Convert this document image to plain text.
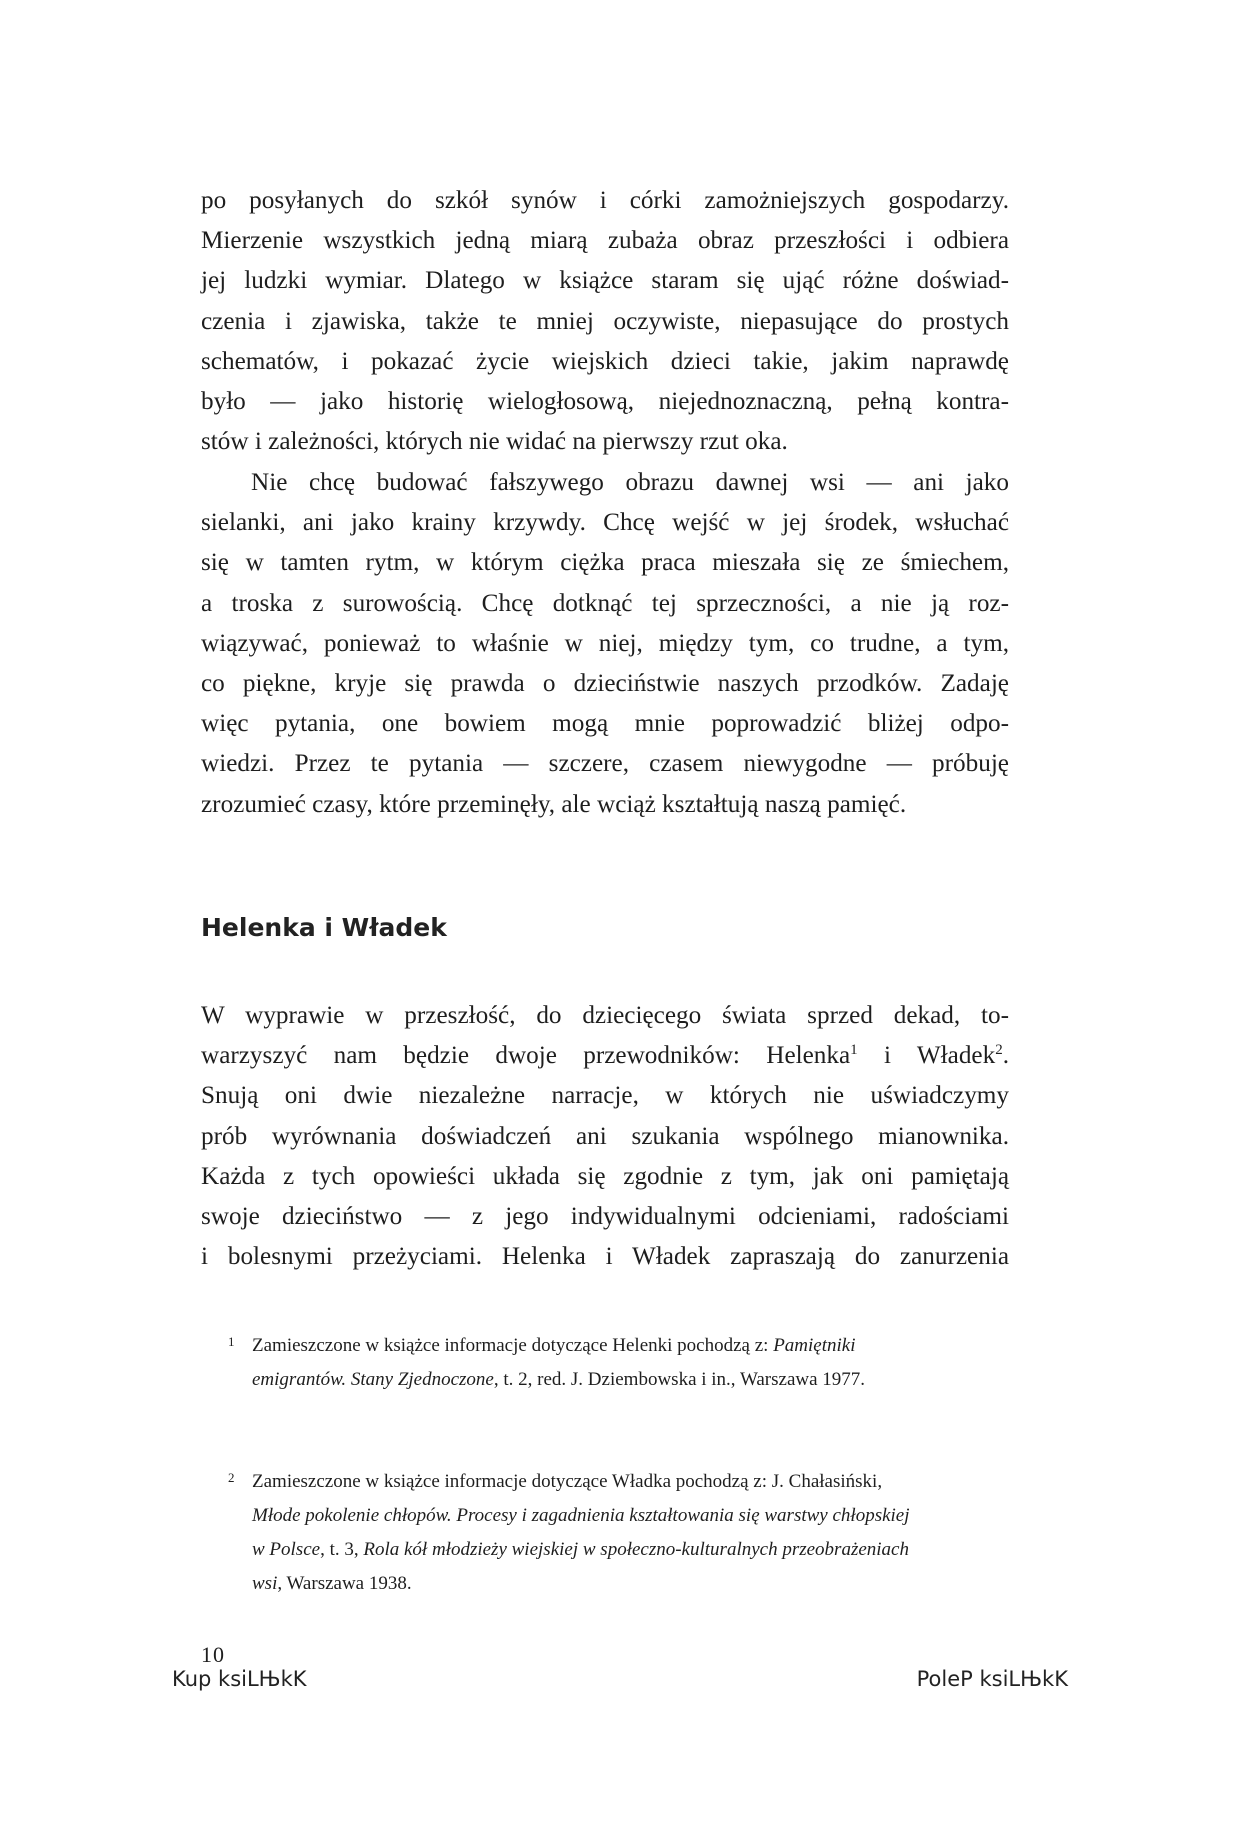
po posyłanych do szkół synów i córki zamożniejszych gospodarzy.
Mierzenie wszystkich jedną miarą zubaża obraz przeszłości i odbiera
jej ludzki wymiar. Dlatego w książce staram się ująć różne doświad-
czenia i zjawiska, także te mniej oczywiste, niepasujące do prostych
schematów, i pokazać życie wiejskich dzieci takie, jakim naprawdę
było — jako historię wielogłosową, niejednoznaczną, pełną kontra-
stów i zależności, których nie widać na pierwszy rzut oka.
Nie chcę budować fałszywego obrazu dawnej wsi — ani jako
sielanki, ani jako krainy krzywdy. Chcę wejść w jej środek, wsłuchać
się w tamten rytm, w którym ciężka praca mieszała się ze śmiechem,
a troska z surowością. Chcę dotknąć tej sprzeczności, a nie ją roz-
wiązywać, ponieważ to właśnie w niej, między tym, co trudne, a tym,
co piękne, kryje się prawda o dzieciństwie naszych przodków. Zadaję
więc pytania, one bowiem mogą mnie poprowadzić bliżej odpo-
wiedzi. Przez te pytania — szczere, czasem niewygodne — próbuję
zrozumieć czasy, które przeminęły, ale wciąż kształtują naszą pamięć.
Helenka i Władek
W wyprawie w przeszłość, do dziecięcego świata sprzed dekad, to-
warzyszyć nam będzie dwoje przewodników: Helenka$^1$ i Władek$^2$.
Snują oni dwie niezależne narracje, w których nie uświadczymy
prób wyrównania doświadczeń ani szukania wspólnego mianownika.
Każda z tych opowieści układa się zgodnie z tym, jak oni pamiętają
swoje dzieciństwo — z jego indywidualnymi odcieniami, radościami
i bolesnymi przeżyciami. Helenka i Władek zapraszają do zanurzenia
1 Zamieszczone w książce informacje dotyczące Helenki pochodzą z: Pamiętniki
emigrantów. Stany Zjednoczone, t. 2, red. J. Dziembowska i in., Warszawa 1977.
2 Zamieszczone w książce informacje dotyczące Władka pochodzą z: J. Chałasiński,
Młode pokolenie chłopów. Procesy i zagadnienia kształtowania się warstwy chłopskiej
w Polsce, t. 3, Rola kół młodzieży wiejskiej w społeczno-kulturalnych przeobrażeniach
wsi, Warszawa 1938.
10
Kup ksiLЊkK	PoleP ksiLЊkK
